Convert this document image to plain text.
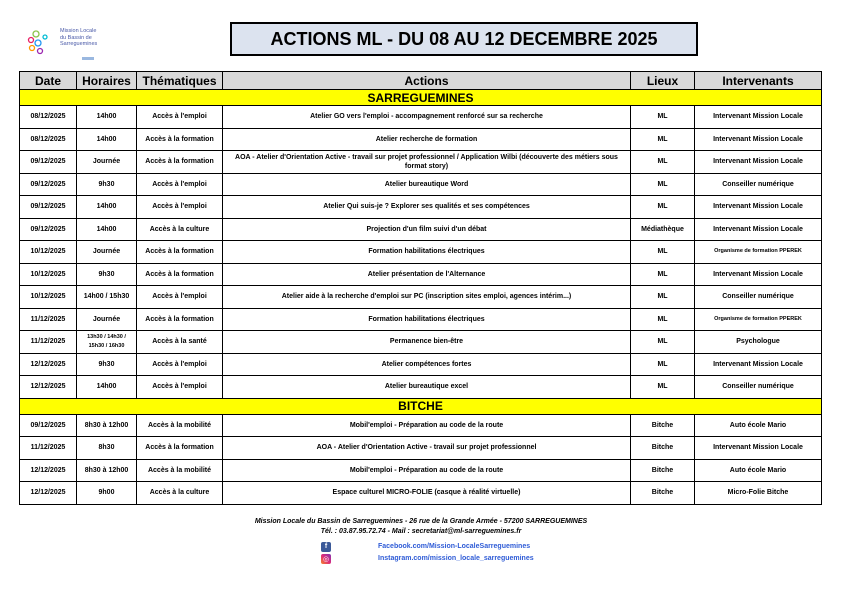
Mission Locale
du Bassin de
Sarreguemines	ACTIONS ML - DU 08 AU 12 DECEMBRE 2025
Date	Horaires	Thématiques	Actions	Lieux	Intervenants
SARREGUEMINES					
08/12/2025	14h00	Accès à l'emploi	Atelier GO vers l'emploi - accompagnement renforcé sur sa recherche	ML	Intervenant Mission Locale
08/12/2025	14h00	Accès à la formation	Atelier recherche de formation	ML	Intervenant Mission Locale
09/12/2025	Journée	Accès à la formation	AOA - Atelier d'Orientation Active - travail sur projet professionnel / Application Wilbi (découverte des métiers sous format story)	ML	Intervenant Mission Locale
09/12/2025	9h30	Accès à l'emploi	Atelier bureautique Word	ML	Conseiller numérique
09/12/2025	14h00	Accès à l'emploi	Atelier Qui suis-je ? Explorer ses qualités et ses compétences	ML	Intervenant Mission Locale
09/12/2025	14h00	Accès à la culture	Projection d'un film suivi d'un débat	Médiathèque	Intervenant Mission Locale
10/12/2025	Journée	Accès à la formation	Formation habilitations électriques	ML	Organisme de formation PPEREK
10/12/2025	9h30	Accès à la formation	Atelier présentation de l'Alternance	ML	Intervenant Mission Locale
10/12/2025	14h00 / 15h30	Accès à l'emploi	Atelier aide à la recherche d'emploi sur PC (inscription sites emploi, agences intérim...)	ML	Conseiller numérique
11/12/2025	Journée	Accès à la formation	Formation habilitations électriques	ML	Organisme de formation PPEREK
11/12/2025	13h30 / 14h30 / 15h30 / 16h30	Accès à la santé	Permanence bien-être	ML	Psychologue
12/12/2025	9h30	Accès à l'emploi	Atelier compétences fortes	ML	Intervenant Mission Locale
12/12/2025	14h00	Accès à l'emploi	Atelier bureautique excel	ML	Conseiller numérique
BITCHE					
09/12/2025	8h30 à 12h00	Accès à la mobilité	Mobil'emploi - Préparation au code de la route	Bitche	Auto école Mario
11/12/2025	8h30	Accès à la formation	AOA - Atelier d'Orientation Active - travail sur projet professionnel	Bitche	Intervenant Mission Locale
12/12/2025	8h30 à 12h00	Accès à la mobilité	Mobil'emploi - Préparation au code de la route	Bitche	Auto école Mario
12/12/2025	9h00	Accès à la culture	Espace culturel MICRO-FOLIE (casque à réalité virtuelle)	Bitche	Micro-Folie Bitche
Mission Locale du Bassin de Sarreguemines - 26 rue de la Grande Armée - 57200 SARREGUEMINES
Tél. : 03.87.95.72.74 - Mail : secretariat@ml-sarreguemines.fr
f	Facebook.com/Mission-LocaleSarreguemines
◎	Instagram.com/mission_locale_sarreguemines
